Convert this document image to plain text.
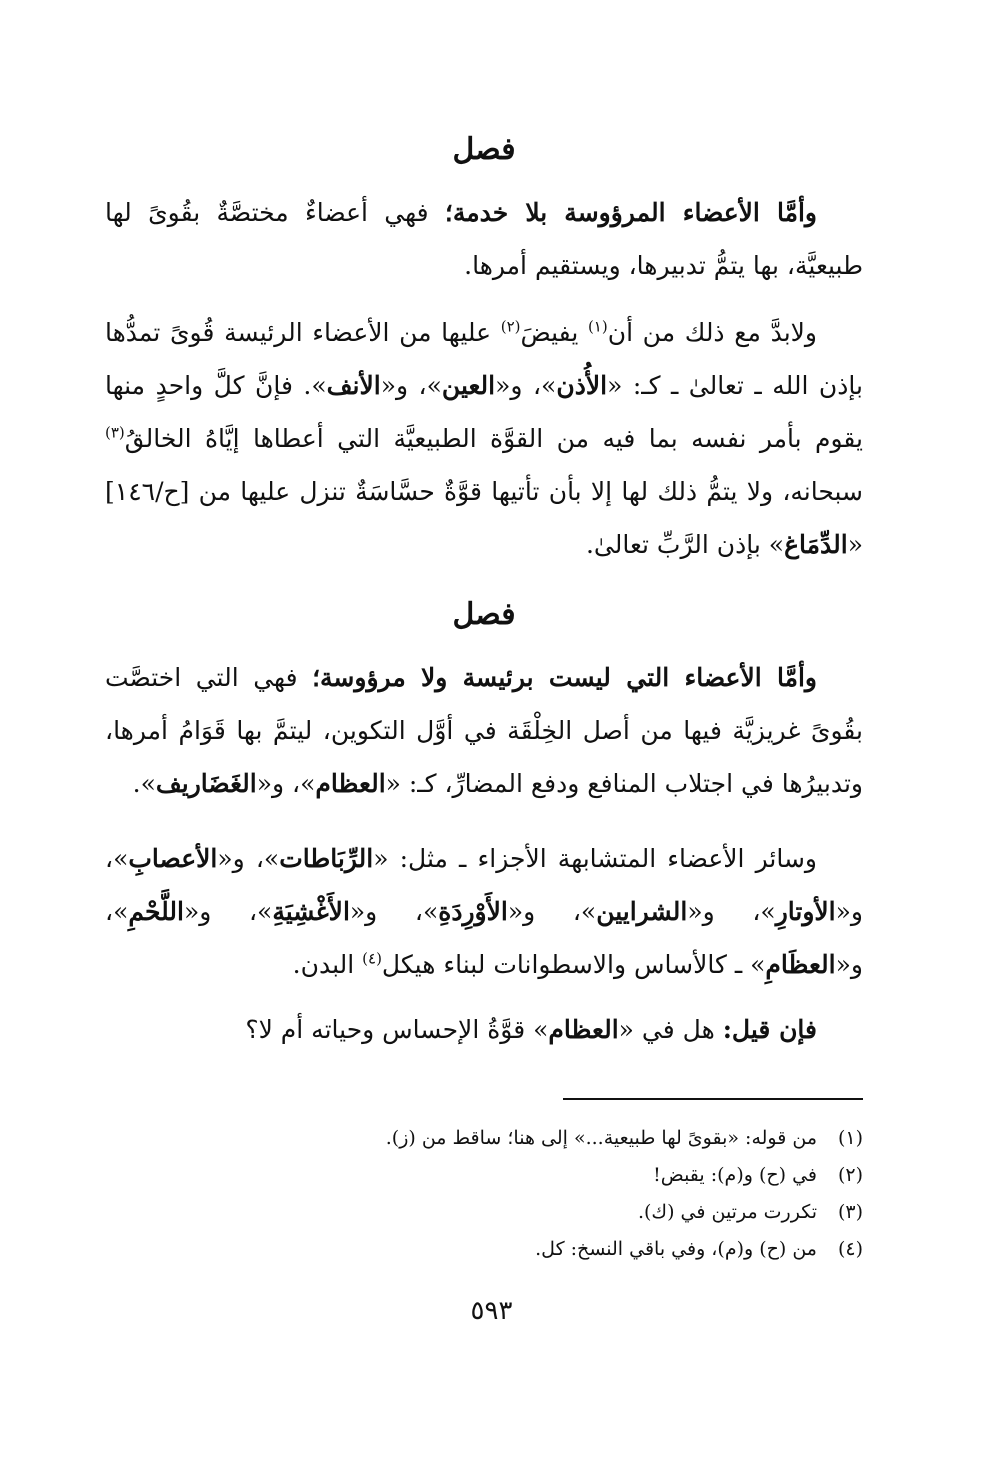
فصل

وأمَّا الأعضاء المرؤوسة بلا خدمة؛ فهي أعضاءٌ مختصَّةٌ بقُوىً لها طبيعيَّة، بها يتمُّ تدبيرها، ويستقيم أمرها.

ولابدَّ مع ذلك من أن$^{(١)}$ يفيضَ$^{(٢)}$ عليها من الأعضاء الرئيسة قُوىً تمدُّها بإذن الله ـ تعالىٰ ـ كـ: «الأُذن»، و«العين»، و«الأنف». فإنَّ كلَّ واحدٍ منها يقوم بأمر نفسه بما فيه من القوَّة الطبيعيَّة التي أعطاها إيَّاهُ الخالقُ$^{(٣)}$ سبحانه، ولا يتمُّ ذلك لها إلا بأن تأتيها قوَّةٌ حسَّاسَةٌ تنزل عليها من [ح/١٤٦] «الدِّمَاغ» بإذن الرَّبِّ تعالىٰ.

فصل

وأمَّا الأعضاء التي ليست برئيسة ولا مرؤوسة؛ فهي التي اختصَّت بقُوىً غريزيَّة فيها من أصل الخِلْقَة في أوَّل التكوين، ليتمَّ بها قَوَامُ أمرها، وتدبيرُها في اجتلاب المنافع ودفع المضارِّ، كـ: «العظام»، و«الغَضَاريف».

وسائر الأعضاء المتشابهة الأجزاء ـ مثل: «الرِّبَاطات»، و«الأعصابِ»، و«الأوتارِ»، و«الشرايين»، و«الأَوْرِدَةِ»، و«الأَغْشِيَةِ»، و«اللَّحْمِ»، و«العظَامِ» ـ كالأساس والاسطوانات لبناء هيكل$^{(٤)}$ البدن.

فإن قيل: هل في «العظام» قوَّةُ الإحساس وحياته أم لا؟

(١)
من قوله: «بقوىً لها طبيعية...» إلى هنا؛ ساقط من (ز).
(٢)
في (ح) و(م): يقبض!
(٣)
تكررت مرتين في (ك).
(٤)
من (ح) و(م)، وفي باقي النسخ: كل.
٥٩٣
